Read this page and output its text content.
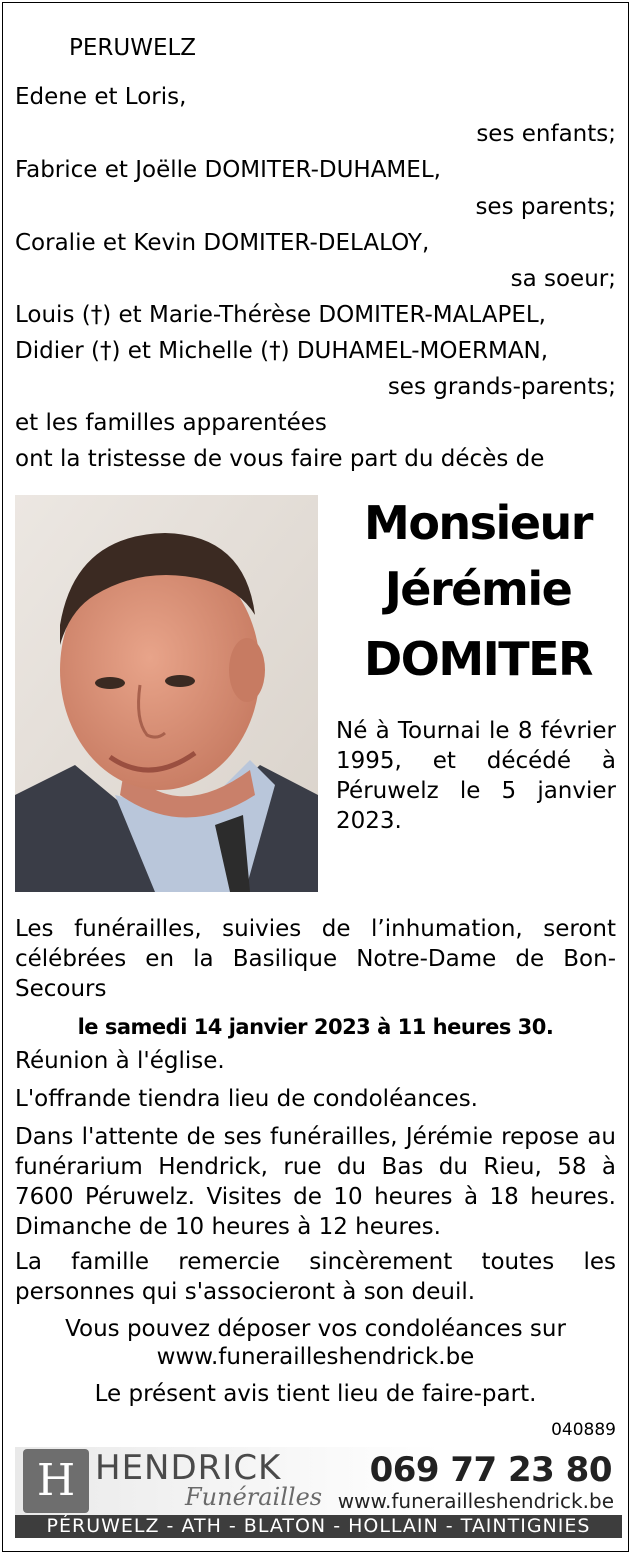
PERUWELZ
Edene et Loris,
ses enfants;
Fabrice et Joëlle DOMITER-DUHAMEL,
ses parents;
Coralie et Kevin DOMITER-DELALOY,
sa soeur;
Louis (†) et Marie-Thérèse DOMITER-MALAPEL,
Didier (†) et Michelle (†) DUHAMEL-MOERMAN,
ses grands-parents;
et les familles apparentées
ont la tristesse de vous faire part du décès de
Monsieur
Jérémie
DOMITER
Né à Tournai le 8 février 1995, et décédé à Péruwelz le 5 janvier 2023.
Les funérailles, suivies de l’inhumation, seront célébrées en la Basilique Notre-Dame de Bon-Secours
le samedi 14 janvier 2023 à 11 heures 30.
Réunion à l'église.
L'offrande tiendra lieu de condoléances.
Dans l'attente de ses funérailles, Jérémie repose au funérarium Hendrick, rue du Bas du Rieu, 58 à 7600 Péruwelz. Visites de 10 heures à 18 heures. Dimanche de 10 heures à 12 heures.
La famille remercie sincèrement toutes les personnes qui s'associeront à son deuil.
Vous pouvez déposer vos condoléances sur
www.funerailleshendrick.be
Le présent avis tient lieu de faire-part.
040889
H HENDRICK
Funérailles
069 77 23 80
www.funerailleshendrick.be
PÉRUWELZ - ATH - BLATON - HOLLAIN - TAINTIGNIES
